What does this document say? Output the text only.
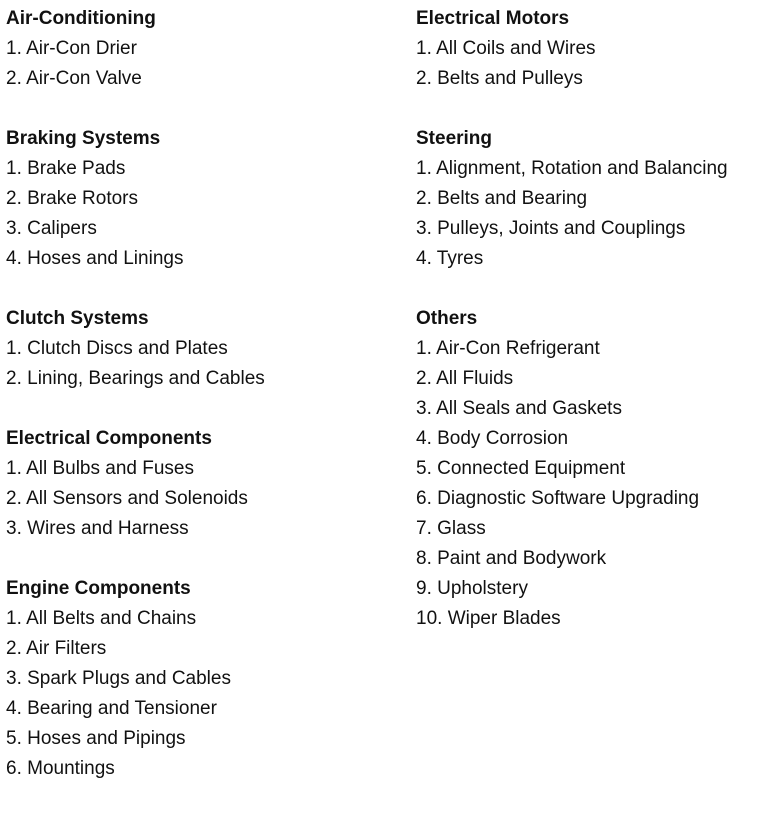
Air-Conditioning
1. Air-Con Drier
2. Air-Con Valve
Braking Systems
1. Brake Pads
2. Brake Rotors
3. Calipers
4. Hoses and Linings
Clutch Systems
1. Clutch Discs and Plates
2. Lining, Bearings and Cables
Electrical Components
1. All Bulbs and Fuses
2. All Sensors and Solenoids
3. Wires and Harness
Engine Components
1. All Belts and Chains
2. Air Filters
3. Spark Plugs and Cables
4. Bearing and Tensioner
5. Hoses and Pipings
6. Mountings
Electrical Motors
1. All Coils and Wires
2. Belts and Pulleys
Steering
1. Alignment, Rotation and Balancing
2. Belts and Bearing
3. Pulleys, Joints and Couplings
4. Tyres
Others
1. Air-Con Refrigerant
2. All Fluids
3. All Seals and Gaskets
4. Body Corrosion
5. Connected Equipment
6. Diagnostic Software Upgrading
7. Glass
8. Paint and Bodywork
9. Upholstery
10. Wiper Blades
